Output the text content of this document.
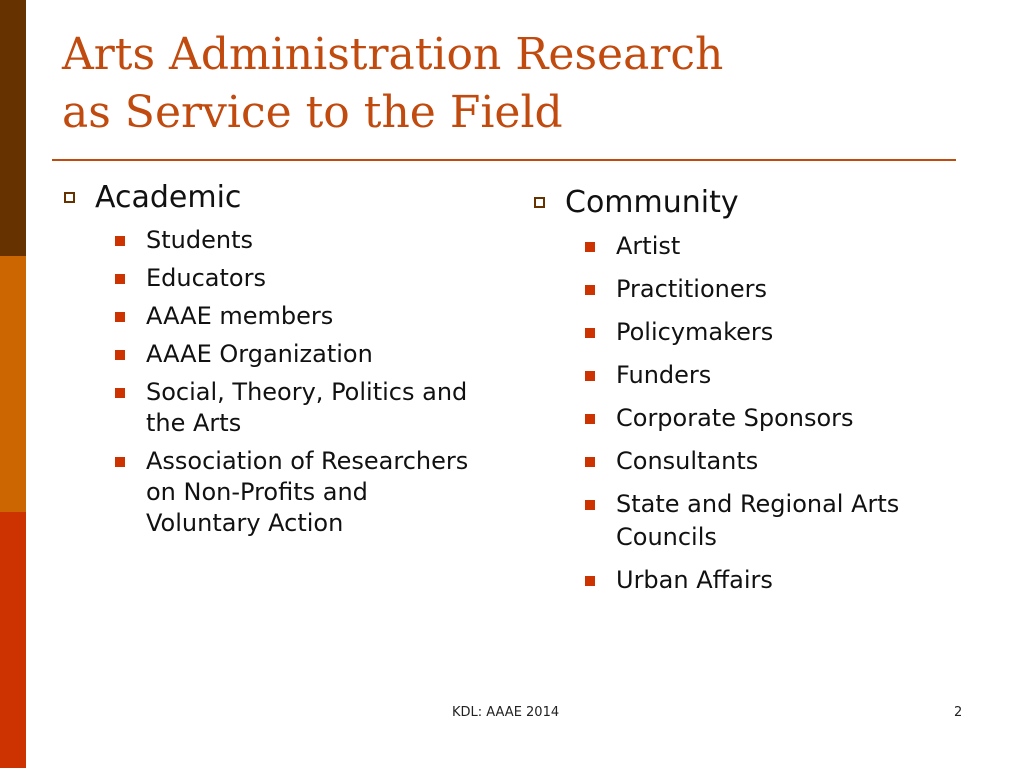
Arts Administration Research
as Service to the Field
Academic
Students
Educators
AAAE members
AAAE Organization
Social, Theory, Politics and the Arts
Association of Researchers on Non-Profits and Voluntary Action
Community
Artist
Practitioners
Policymakers
Funders
Corporate Sponsors
Consultants
State and Regional Arts Councils
Urban Affairs
KDL: AAAE 2014	2
